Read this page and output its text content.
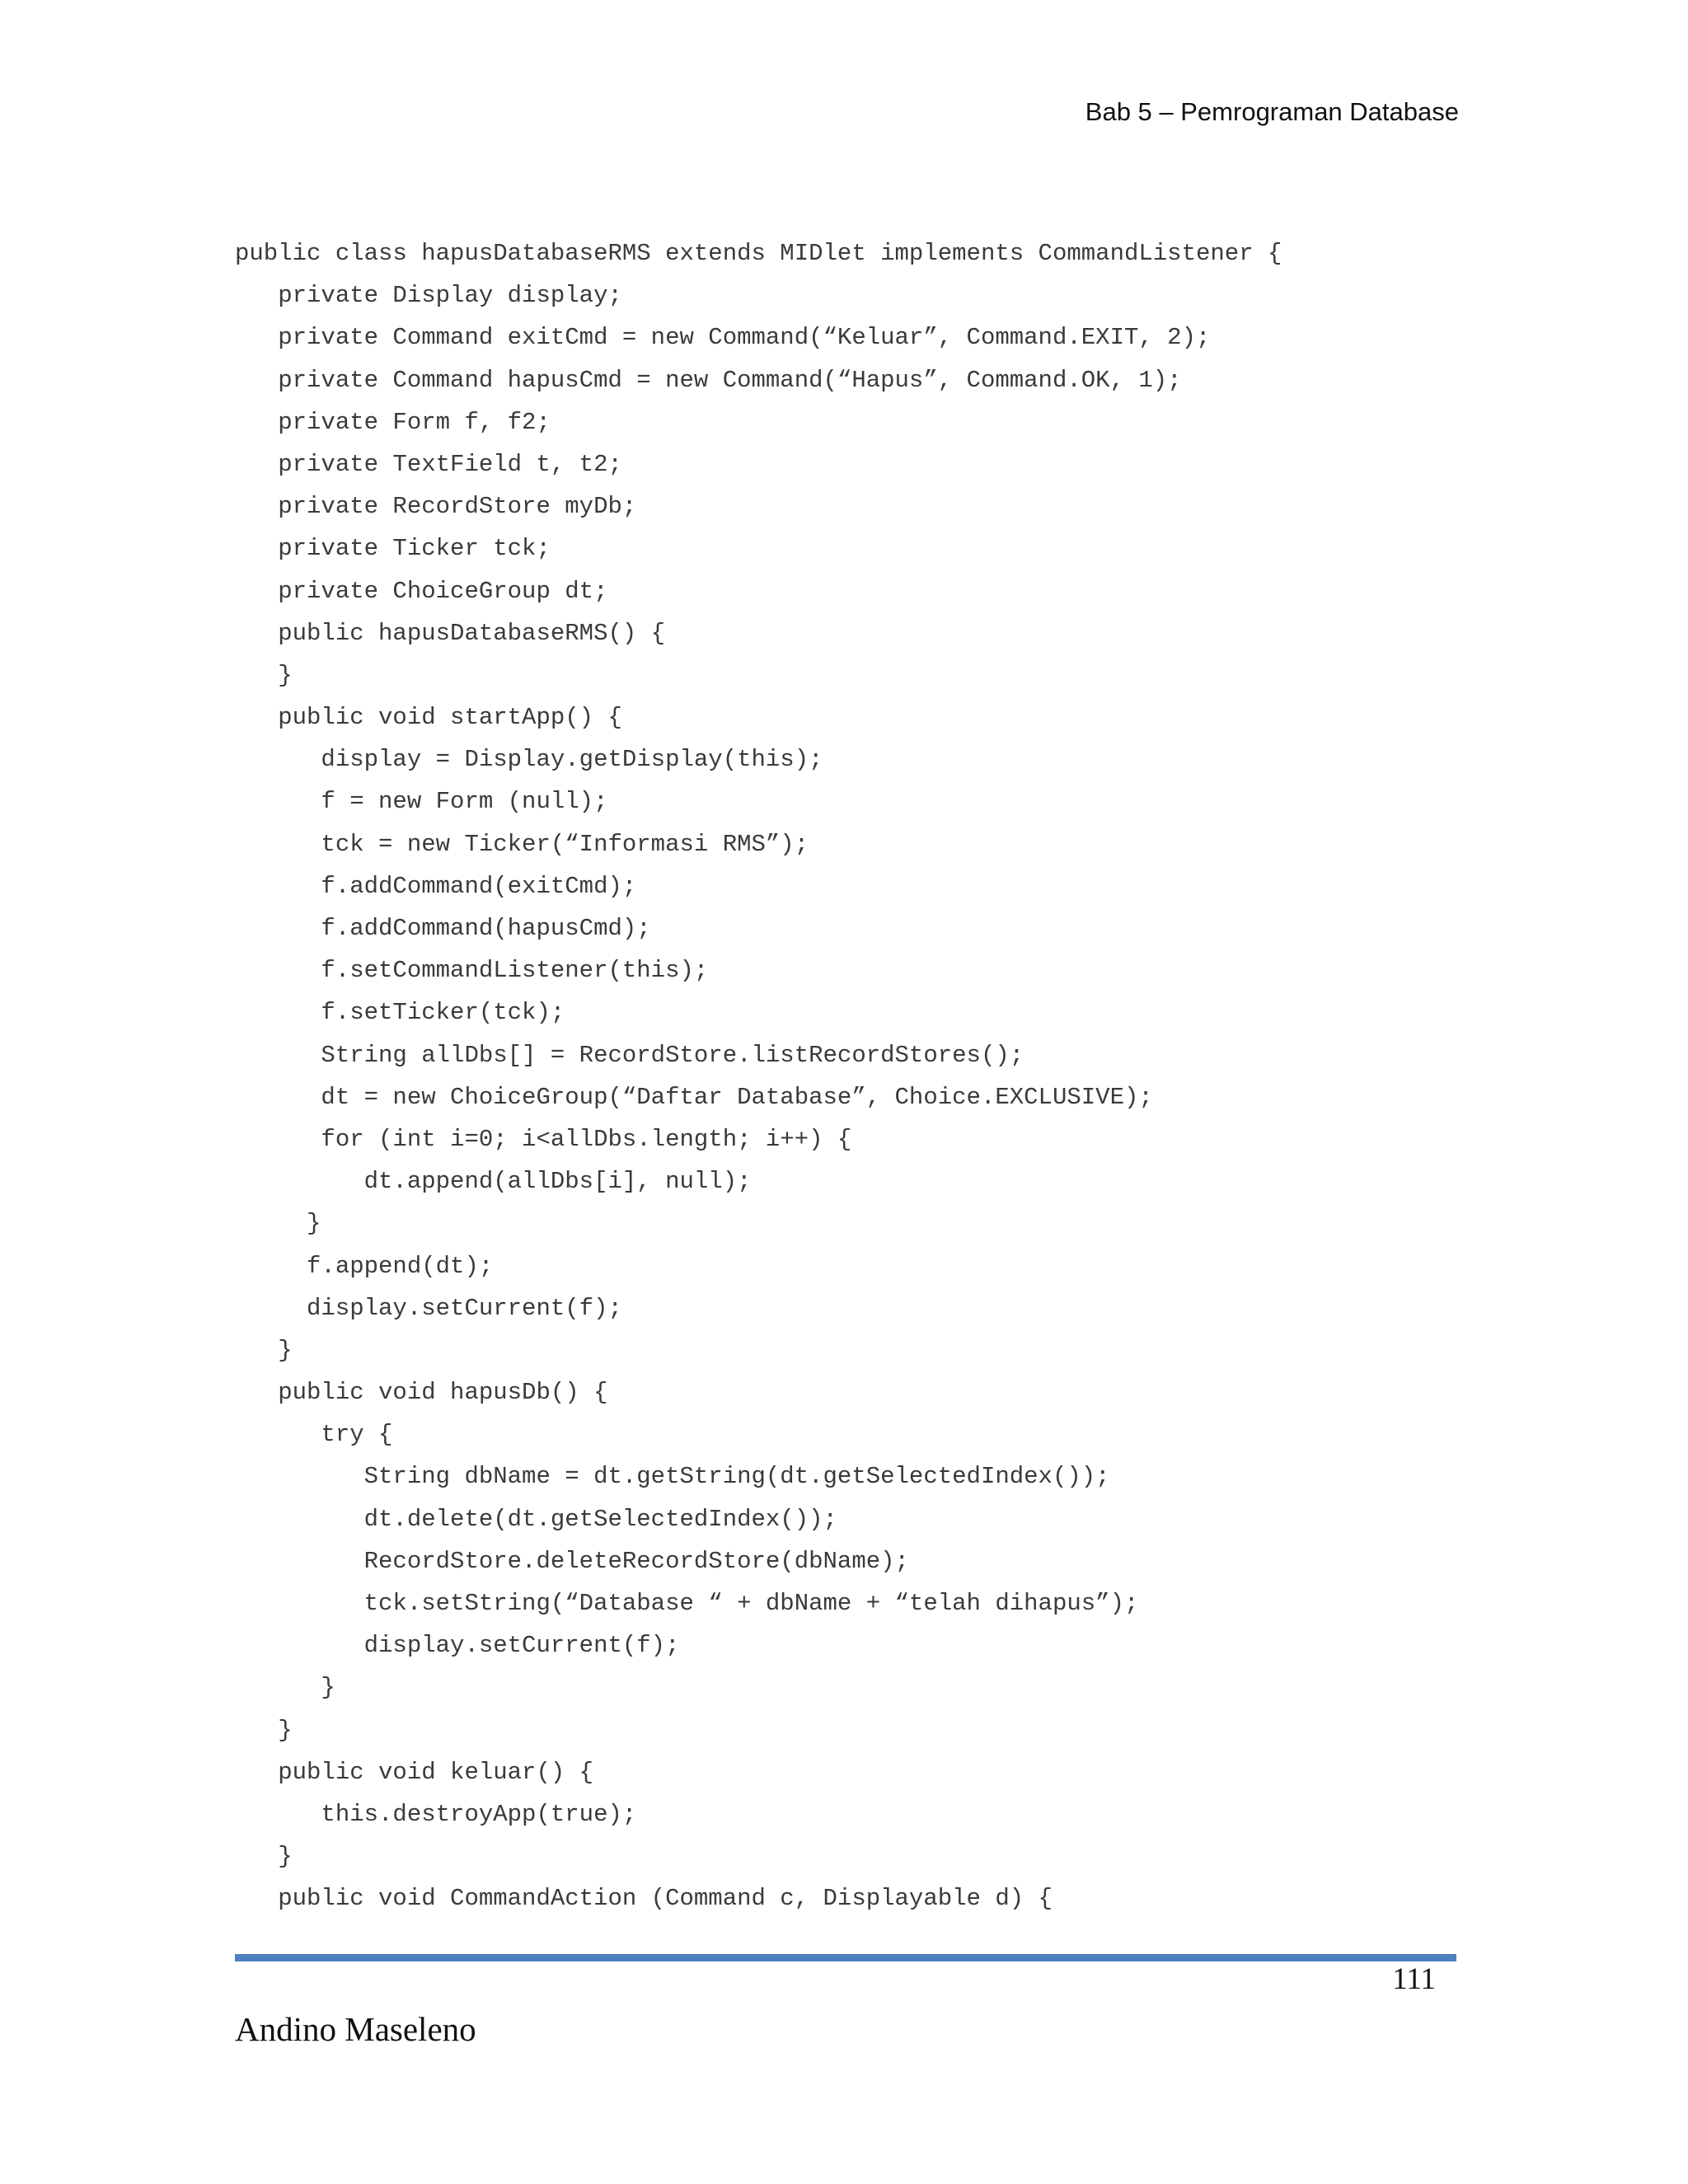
Bab 5 – Pemrograman Database
public class hapusDatabaseRMS extends MIDlet implements CommandListener {
private Display display;
private Command exitCmd = new Command(“Keluar”, Command.EXIT, 2);
private Command hapusCmd = new Command(“Hapus”, Command.OK, 1);
private Form f, f2;
private TextField t, t2;
private RecordStore myDb;
private Ticker tck;
private ChoiceGroup dt;
public hapusDatabaseRMS() {
}
public void startApp() {
display = Display.getDisplay(this);
f = new Form (null);
tck = new Ticker(“Informasi RMS”);
f.addCommand(exitCmd);
f.addCommand(hapusCmd);
f.setCommandListener(this);
f.setTicker(tck);
String allDbs[] = RecordStore.listRecordStores();
dt = new ChoiceGroup(“Daftar Database”, Choice.EXCLUSIVE);
for (int i=0; i<allDbs.length; i++) {
dt.append(allDbs[i], null);
}
f.append(dt);
display.setCurrent(f);
}
public void hapusDb() {
try {
String dbName = dt.getString(dt.getSelectedIndex());
dt.delete(dt.getSelectedIndex());
RecordStore.deleteRecordStore(dbName);
tck.setString(“Database “ + dbName + “telah dihapus”);
display.setCurrent(f);
}
}
public void keluar() {
this.destroyApp(true);
}
public void CommandAction (Command c, Displayable d) {
111
Andino Maseleno
